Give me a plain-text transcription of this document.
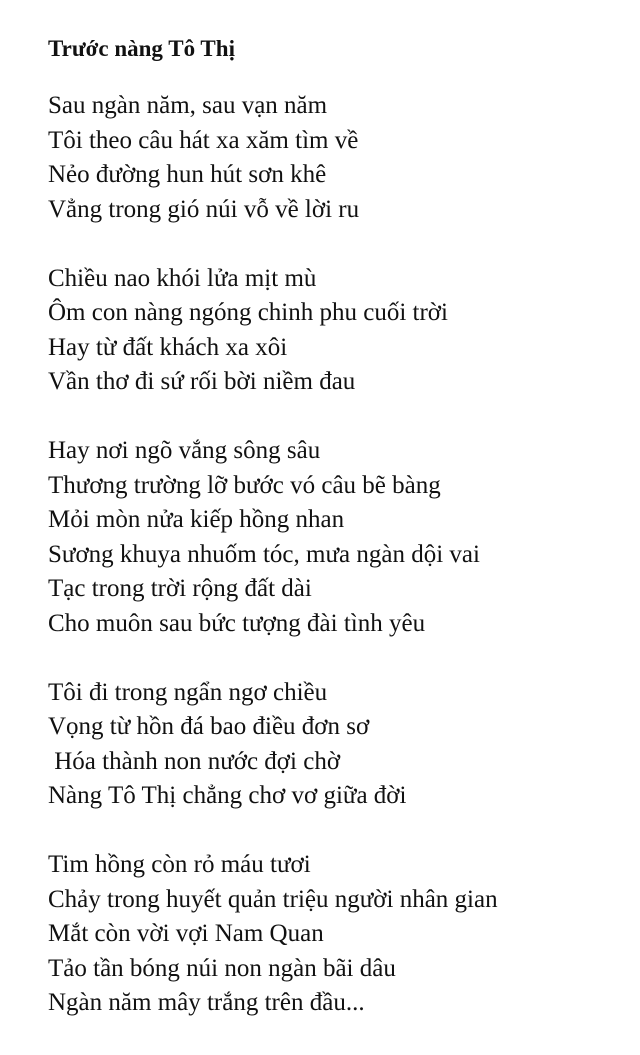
Trước nàng Tô Thị
Sau ngàn năm, sau vạn năm
Tôi theo câu hát xa xăm tìm về
Nẻo đường hun hút sơn khê
Vẳng trong gió núi vỗ về lời ru
Chiều nao khói lửa mịt mù
Ôm con nàng ngóng chinh phu cuối trời
Hay từ đất khách xa xôi
Vần thơ đi sứ rối bời niềm đau
Hay nơi ngõ vắng sông sâu
Thương trường lỡ bước vó câu bẽ bàng
Mỏi mòn nửa kiếp hồng nhan
Sương khuya nhuốm tóc, mưa ngàn dội vai
Tạc trong trời rộng đất dài
Cho muôn sau bức tượng đài tình yêu
Tôi đi trong ngẩn ngơ chiều
Vọng từ hồn đá bao điều đơn sơ
Hóa thành non nước đợi chờ
Nàng Tô Thị chẳng chơ vơ giữa đời
Tim hồng còn rỏ máu tươi
Chảy trong huyết quản triệu người nhân gian
Mắt còn vời vợi Nam Quan
Tảo tần bóng núi non ngàn bãi dâu
Ngàn năm mây trắng trên đầu...
